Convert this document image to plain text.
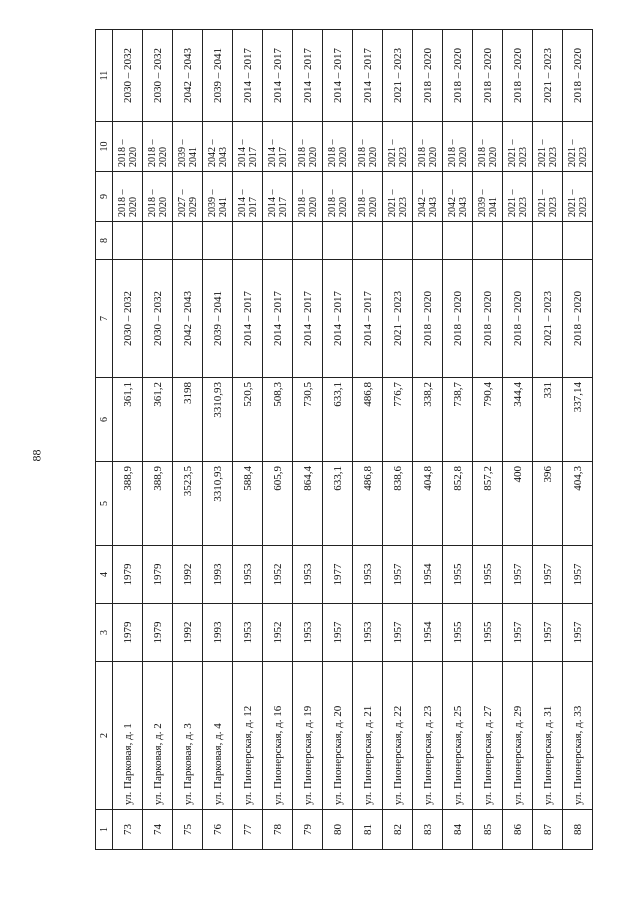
88
1	2	3	4	5	6	7	8	9	10	11
73	ул. Парковая, д. 1	1979	1979	388,9	361,1	2030 – 2032		2018 – 2020	2018 – 2020	2030 – 2032
74	ул. Парковая, д. 2	1979	1979	388,9	361,2	2030 – 2032		2018 – 2020	2018 – 2020	2030 – 2032
75	ул. Парковая, д. 3	1992	1992	3523,5	3198	2042 – 2043		2027 – 2029	2039 – 2041	2042 – 2043
76	ул. Парковая, д. 4	1993	1993	3310,93	3310,93	2039 – 2041		2039 – 2041	2042 – 2043	2039 – 2041
77	ул. Пионерская, д. 12	1953	1953	588,4	520,5	2014 – 2017		2014 – 2017	2014 – 2017	2014 – 2017
78	ул. Пионерская, д. 16	1952	1952	605,9	508,3	2014 – 2017		2014 – 2017	2014 – 2017	2014 – 2017
79	ул. Пионерская, д. 19	1953	1953	864,4	730,5	2014 – 2017		2018 – 2020	2018 – 2020	2014 – 2017
80	ул. Пионерская, д. 20	1957	1977	633,1	633,1	2014 – 2017		2018 – 2020	2018 – 2020	2014 – 2017
81	ул. Пионерская, д. 21	1953	1953	486,8	486,8	2014 – 2017		2018 – 2020	2018 – 2020	2014 – 2017
82	ул. Пионерская, д. 22	1957	1957	838,6	776,7	2021 – 2023		2021 – 2023	2021 – 2023	2021 – 2023
83	ул. Пионерская, д. 23	1954	1954	404,8	338,2	2018 – 2020		2042 – 2043	2018 – 2020	2018 – 2020
84	ул. Пионерская, д. 25	1955	1955	852,8	738,7	2018 – 2020		2042 – 2043	2018 – 2020	2018 – 2020
85	ул. Пионерская, д. 27	1955	1955	857,2	790,4	2018 – 2020		2039 – 2041	2018 – 2020	2018 – 2020
86	ул. Пионерская, д. 29	1957	1957	400	344,4	2018 – 2020		2021 – 2023	2021 – 2023	2018 – 2020
87	ул. Пионерская, д. 31	1957	1957	396	331	2021 – 2023		2021 – 2023	2021 – 2023	2021 – 2023
88	ул. Пионерская, д. 33	1957	1957	404,3	337,14	2018 – 2020		2021 – 2023	2021 – 2023	2018 – 2020
